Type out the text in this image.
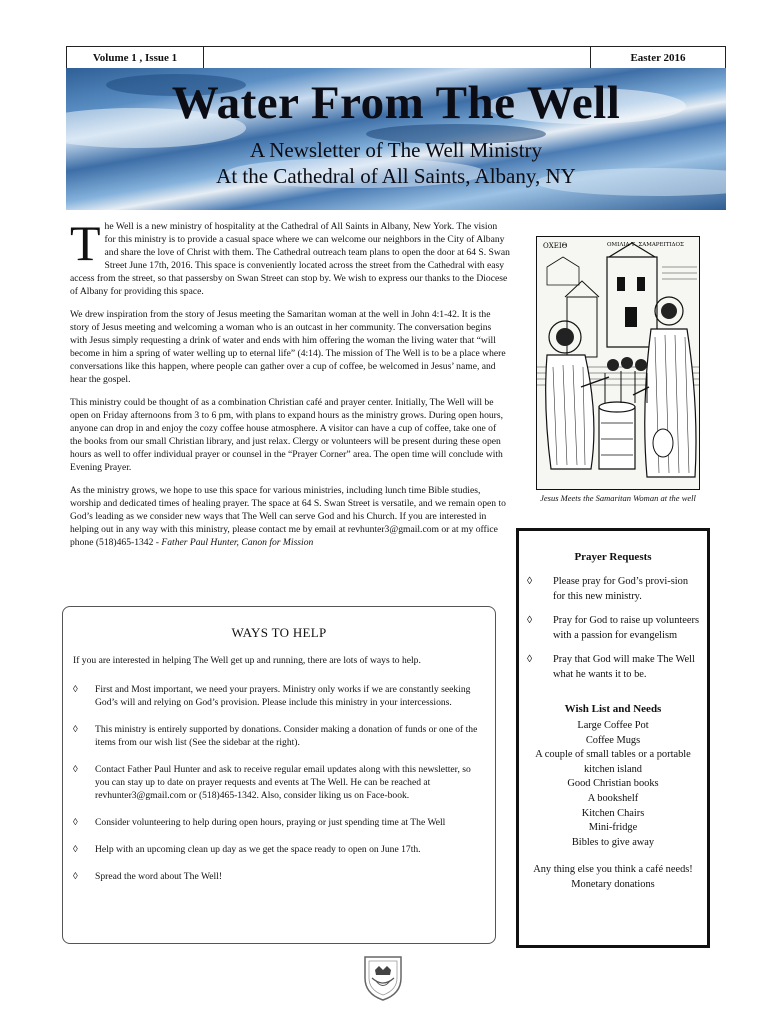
Volume 1 , Issue 1	Easter 2016
Water From The Well
A Newsletter of The Well Ministry
At the Cathedral of All Saints, Albany, NY

The Well is a new ministry of hospitality at the Cathedral of All Saints in Albany, New York. The vision for this ministry is to provide a casual space where we can welcome our neighbors in the City of Albany and share the love of Christ with them. The Cathedral outreach team plans to open the door at 64 S. Swan Street June 17th, 2016. This space is conveniently located across the street from the Cathedral with easy access from the street, so that passersby on Swan Street can stop by. We wish to express our thanks to the Diocese of Albany for providing this space.

We drew inspiration from the story of Jesus meeting the Samaritan woman at the well in John 4:1-42. It is the story of Jesus meeting and welcoming a woman who is an outcast in her community. The conversation begins with Jesus simply requesting a drink of water and ends with him offering the woman the living water that “will become in him a spring of water welling up to eternal life” (4:14). The mission of The Well is to be a place where conversations like this happen, where people can gather over a cup of coffee, be welcomed in Jesus’ name, and hear the gospel.

This ministry could be thought of as a combination Christian café and prayer center. Initially, The Well will be open on Friday afternoons from 3 to 6 pm, with plans to expand hours as the ministry grows. During open hours, anyone can drop in and enjoy the cozy coffee house atmosphere. A visitor can have a cup of coffee, take one of the books from our small Christian library, and just relax. Clergy or volunteers will be present during these open hours as well to offer individual prayer or counsel in the “Prayer Corner” area. The open time will conclude with Evening Prayer.

As the ministry grows, we hope to use this space for various ministries, including lunch time Bible studies, worship and dedicated times of healing prayer. The space at 64 S. Swan Street is versatile, and we remain open to God’s leading as we consider new ways that The Well can serve God and his Church. If you are interested in helping out in any way with this ministry, please contact me by email at revhunter3@gmail.com or at my office phone (518)465-1342 - Father Paul Hunter, Canon for Mission

ΟΧΕΙΘ	ΟΜΙΛΙΑ Τ. ΣΑΜΑΡΕΙΤΙΔΟΣ
Jesus Meets the Samaritan Woman at the well
WAYS TO HELP
If you are interested in helping The Well get up and running, there are lots of ways to help.
◊ First and Most important, we need your prayers. Ministry only works if we are constantly seeking God’s will and relying on God’s provision. Please include this ministry in your intercessions.
◊ This ministry is entirely supported by donations. Consider making a donation of funds or one of the items from our wish list (See the sidebar at the right).
◊ Contact Father Paul Hunter and ask to receive regular email updates along with this newsletter, so you can stay up to date on prayer requests and events at The Well. He can be reached at revhunter3@gmail.com or (518)465-1342. Also, consider liking us on Face-book.
◊ Consider volunteering to help during open hours, praying or just spending time at The Well
◊ Help with an upcoming clean up day as we get the space ready to open on June 17th.
◊ Spread the word about The Well!
Prayer Requests
◊ Please pray for God’s provi-sion for this new ministry.
◊ Pray for God to raise up volunteers with a passion for evangelism
◊ Pray that God will make The Well what he wants it to be.
Wish List and Needs
Large Coffee Pot
Coffee Mugs
A couple of small tables or a portable kitchen island
Good Christian books
A bookshelf
Kitchen Chairs
Mini-fridge
Bibles to give away
Any thing else you think a café needs!
Monetary donations
